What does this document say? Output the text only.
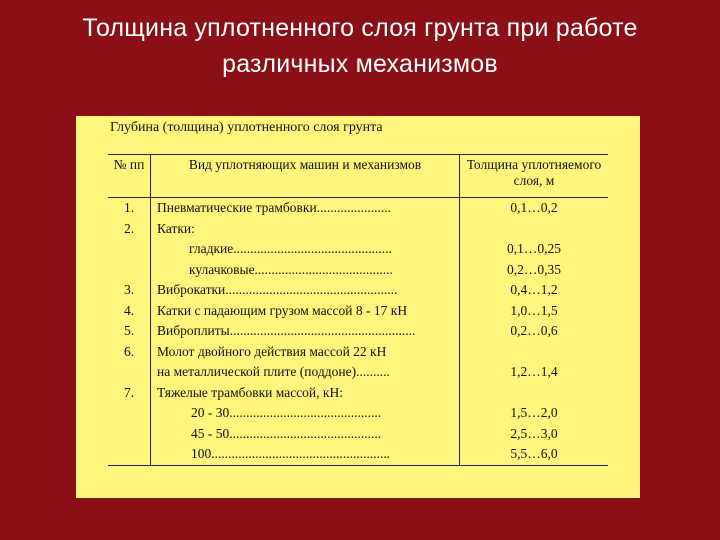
Толщина уплотненного слоя грунта при работе
различных механизмов
Глубина (толщина) уплотненного слоя грунта
№ пп	Вид уплотняющих машин и механизмов	Толщина уплотняемого слоя, м
1.	Пневматические трамбовки......................	0,1…0,2
2.	Катки:	
	гладкие...............................................	0,1…0,25
	кулачковые.........................................	0,2…0,35
3.	Виброкатки...................................................	0,4…1,2
4.	Катки с падающим грузом массой 8 - 17 кН	1,0…1,5
5.	Виброплиты.......................................................	0,2…0,6
6.	Молот двойного действия массой 22 кН	
	на металлической плите (поддоне)..........	1,2…1,4
7.	Тяжелые трамбовки массой, кН:	
	20 - 30.............................................	1,5…2,0
	45 - 50.............................................	2,5…3,0
	100.....................................................	5,5…6,0
